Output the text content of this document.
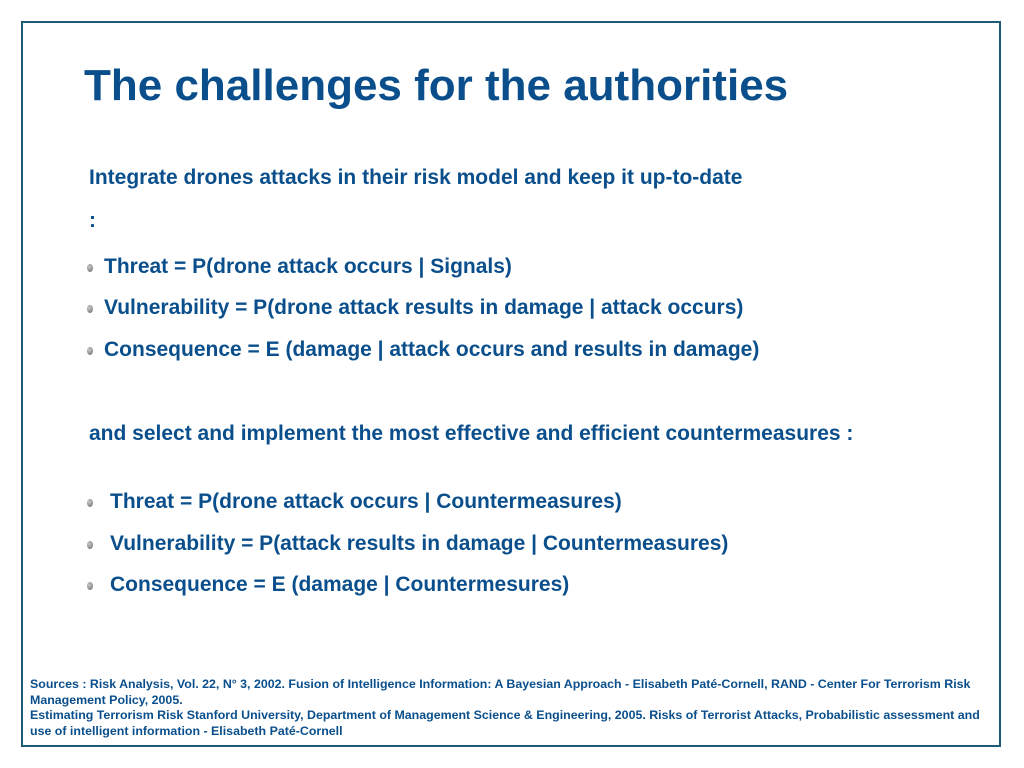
The challenges for the authorities
Integrate drones attacks in their risk model and keep it up-to-date
:
Threat = P(drone attack occurs | Signals)
Vulnerability = P(drone attack results in damage | attack occurs)
Consequence = E (damage | attack occurs and results in damage)
and select and implement the most effective and efficient countermeasures :
Threat = P(drone attack occurs | Countermeasures)
Vulnerability = P(attack results in damage | Countermeasures)
Consequence = E (damage | Countermesures)

Sources : Risk Analysis, Vol. 22, N° 3, 2002. Fusion of Intelligence Information: A Bayesian Approach - Elisabeth Paté-Cornell, RAND - Center For Terrorism Risk Management Policy, 2005.

Estimating Terrorism Risk Stanford University, Department of Management Science & Engineering, 2005. Risks of Terrorist Attacks, Probabilistic assessment and use of intelligent information - Elisabeth Paté-Cornell
